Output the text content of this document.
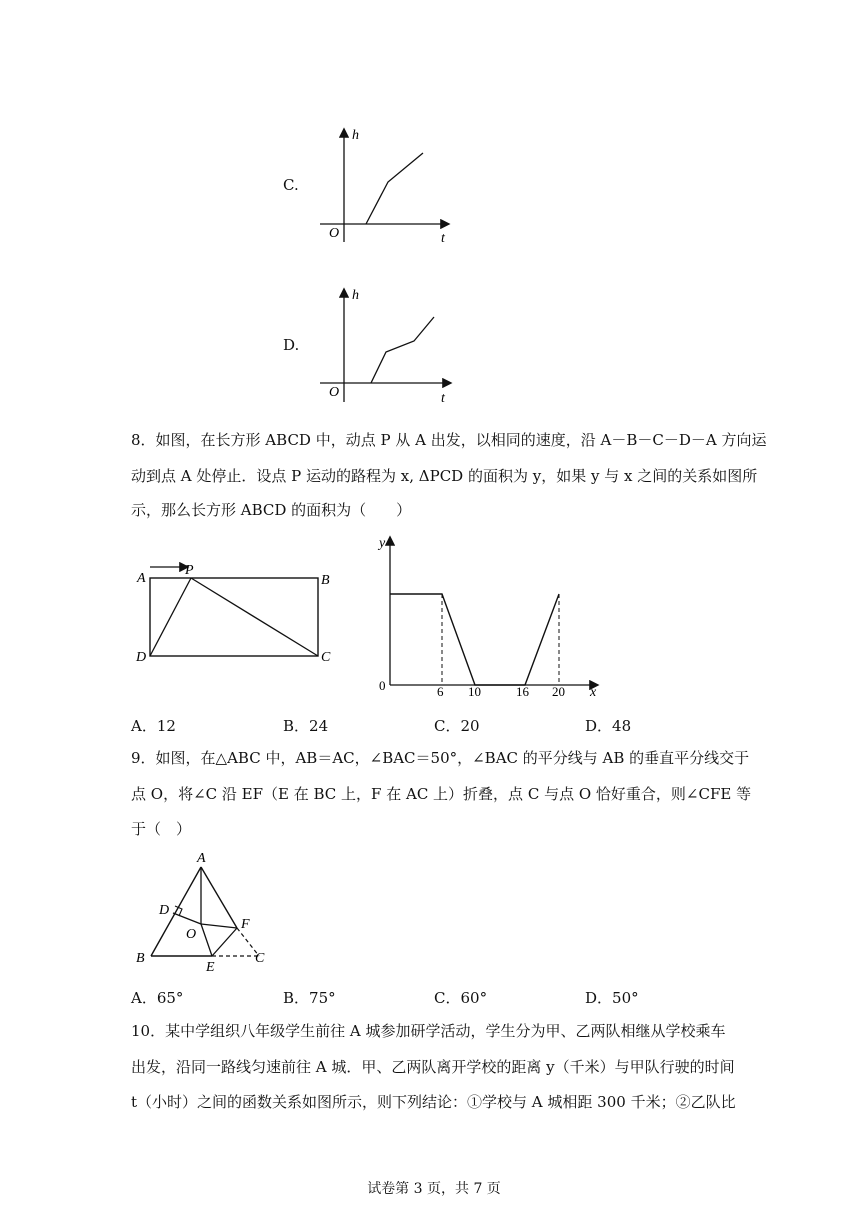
C.
h
t
O
D.
h
t
O
8．如图，在长方形 ABCD 中，动点 P 从 A 出发，以相同的速度，沿 A－B－C－D－A 方向运
动到点 A 处停止．设点 P 运动的路程为 x, ΔPCD 的面积为 y，如果 y 与 x 之间的关系如图所
示，那么长方形 ABCD 的面积为（　　）
A
P
B
C
D
y
x
0	6 10	16 20
A．12	B．24	C．20	D．48
9．如图，在△ABC 中，AB＝AC，∠BAC＝50°，∠BAC 的平分线与 AB 的垂直平分线交于
点 O，将∠C 沿 EF（E 在 BC 上，F 在 AC 上）折叠，点 C 与点 O 恰好重合，则∠CFE 等
于（　）
A
D
O
F
B
E
C
A．65°	B．75°	C．60°	D．50°
10．某中学组织八年级学生前往 A 城参加研学活动，学生分为甲、乙两队相继从学校乘车
出发，沿同一路线匀速前往 A 城．甲、乙两队离开学校的距离 y（千米）与甲队行驶的时间
t（小时）之间的函数关系如图所示，则下列结论：①学校与 A 城相距 300 千米；②乙队比
试卷第 3 页，共 7 页
